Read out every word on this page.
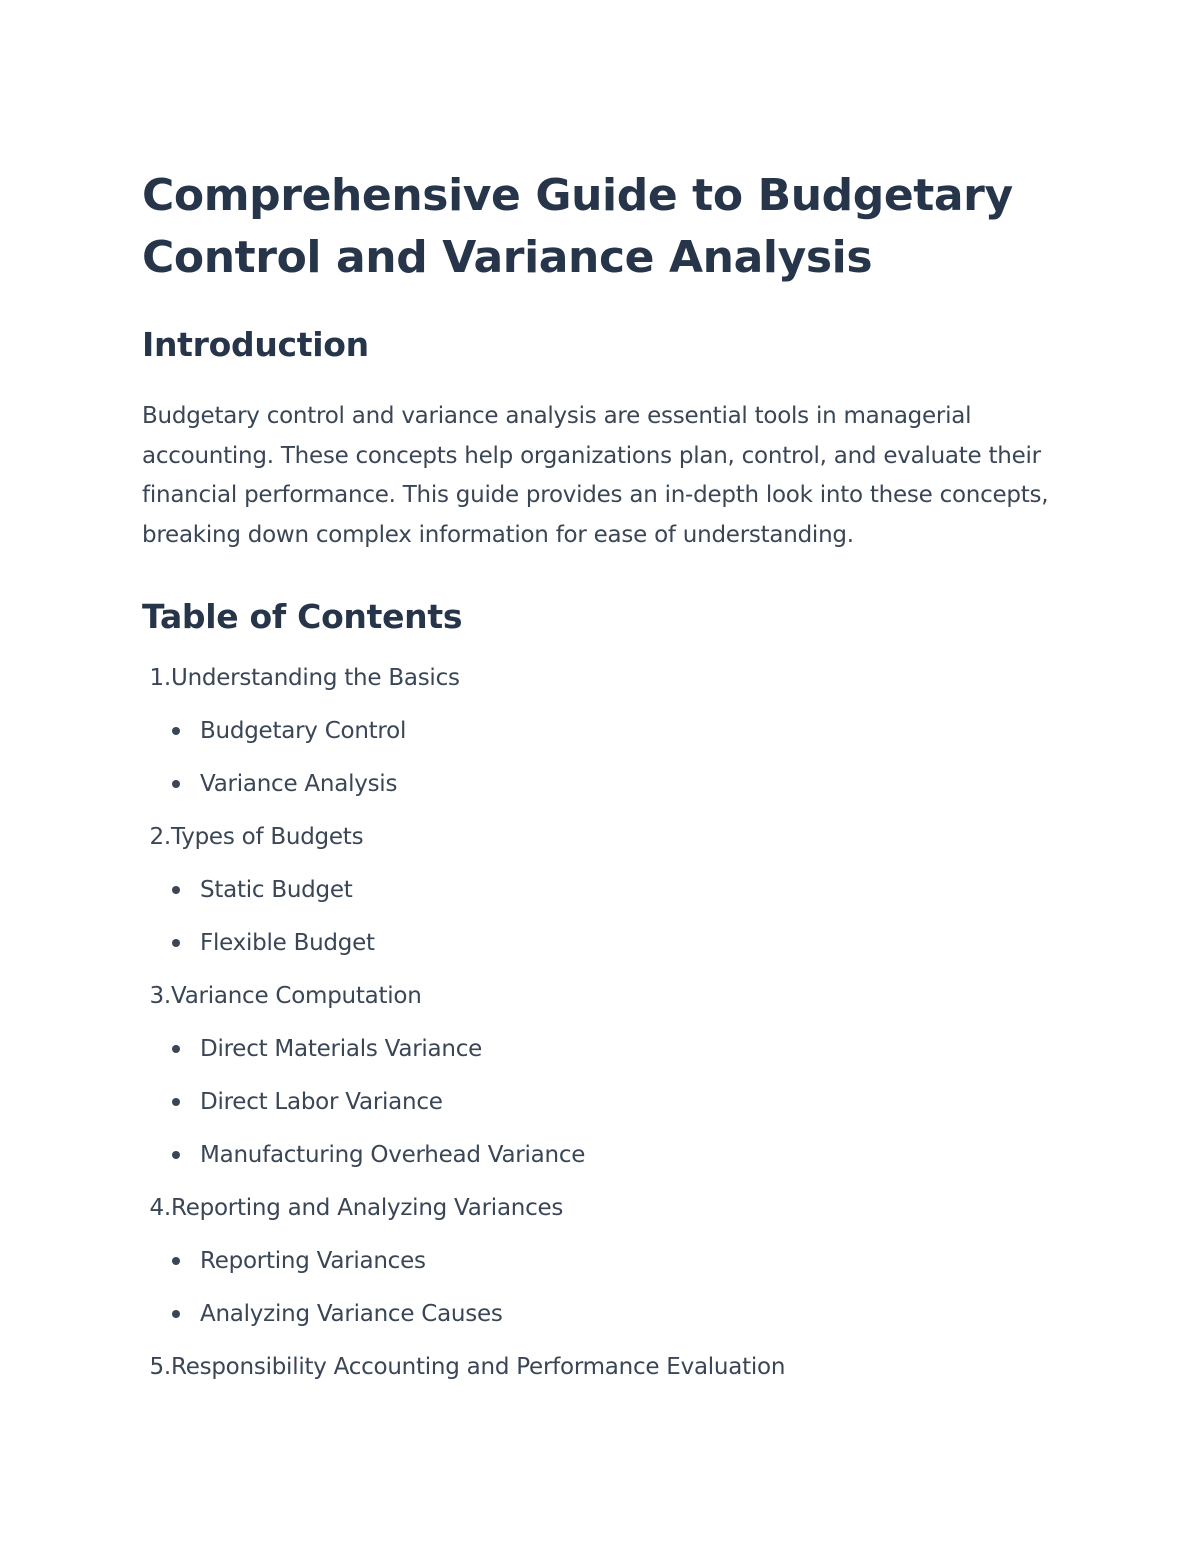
Comprehensive Guide to Budgetary Control and Variance Analysis
Introduction

Budgetary control and variance analysis are essential tools in managerial accounting. These concepts help organizations plan, control, and evaluate their financial performance. This guide provides an in-depth look into these concepts, breaking down complex information for ease of understanding.

Table of Contents
1. Understanding the Basics
Budgetary Control
Variance Analysis
2. Types of Budgets
Static Budget
Flexible Budget
3. Variance Computation
Direct Materials Variance
Direct Labor Variance
Manufacturing Overhead Variance
4. Reporting and Analyzing Variances
Reporting Variances
Analyzing Variance Causes
5. Responsibility Accounting and Performance Evaluation
